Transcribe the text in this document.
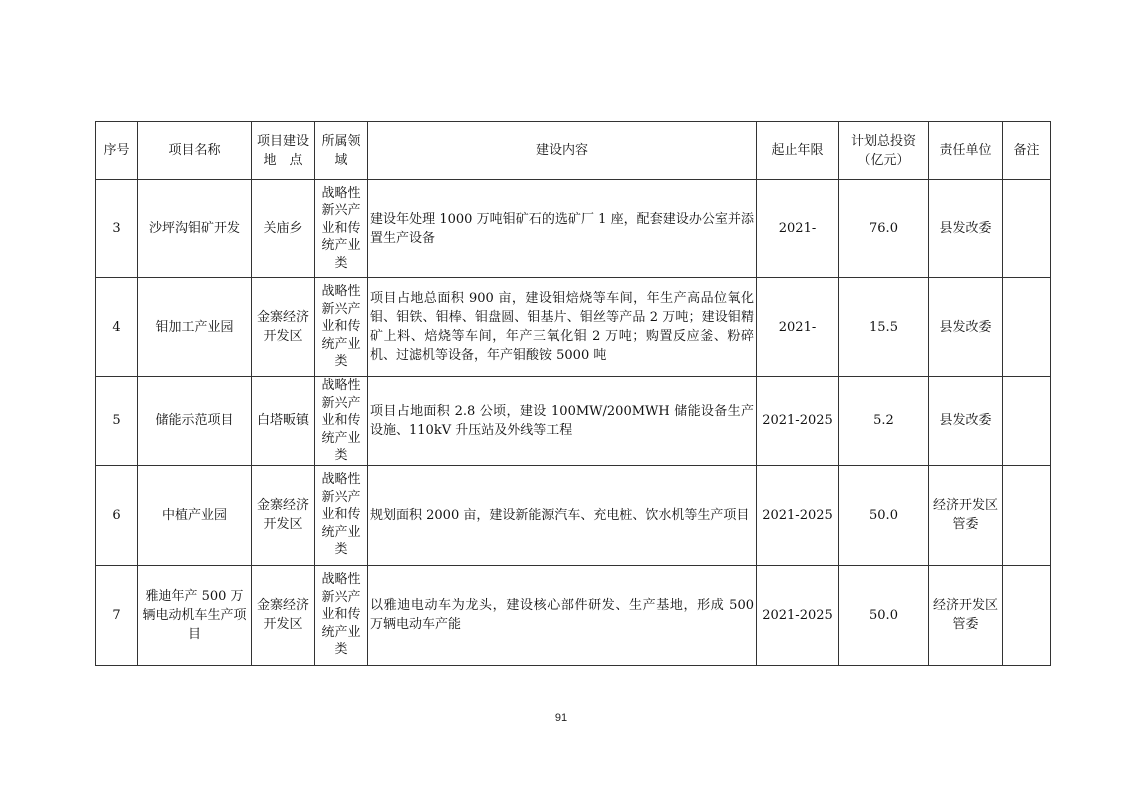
序号	项目名称	项目建设地　点	所属领域	建设内容	起止年限	计划总投资（亿元）	责任单位	备注
3	沙坪沟钼矿开发	关庙乡	战略性新兴产业和传统产业类	建设年处理 1000 万吨钼矿石的选矿厂 1 座，配套建设办公室并添置生产设备	2021-	76.0	县发改委	
4	钼加工产业园	金寨经济开发区	战略性新兴产业和传统产业类	项目占地总面积 900 亩，建设钼焙烧等车间，年生产高品位氧化钼、钼铁、钼棒、钼盘圆、钼基片、钼丝等产品 2 万吨；建设钼精矿上料、焙烧等车间，年产三氧化钼 2 万吨；购置反应釜、粉碎机、过滤机等设备，年产钼酸铵 5000 吨	2021-	15.5	县发改委	
5	储能示范项目	白塔畈镇	战略性新兴产业和传统产业类	项目占地面积 2.8 公顷，建设 100MW/200MWH 储能设备生产设施、110kV 升压站及外线等工程	2021-2025	5.2	县发改委	
6	中植产业园	金寨经济开发区	战略性新兴产业和传统产业类	规划面积 2000 亩，建设新能源汽车、充电桩、饮水机等生产项目	2021-2025	50.0	经济开发区管委	
7	雅迪年产 500 万辆电动机车生产项目	金寨经济开发区	战略性新兴产业和传统产业类	以雅迪电动车为龙头，建设核心部件研发、生产基地，形成 500 万辆电动车产能	2021-2025	50.0	经济开发区管委	
91
